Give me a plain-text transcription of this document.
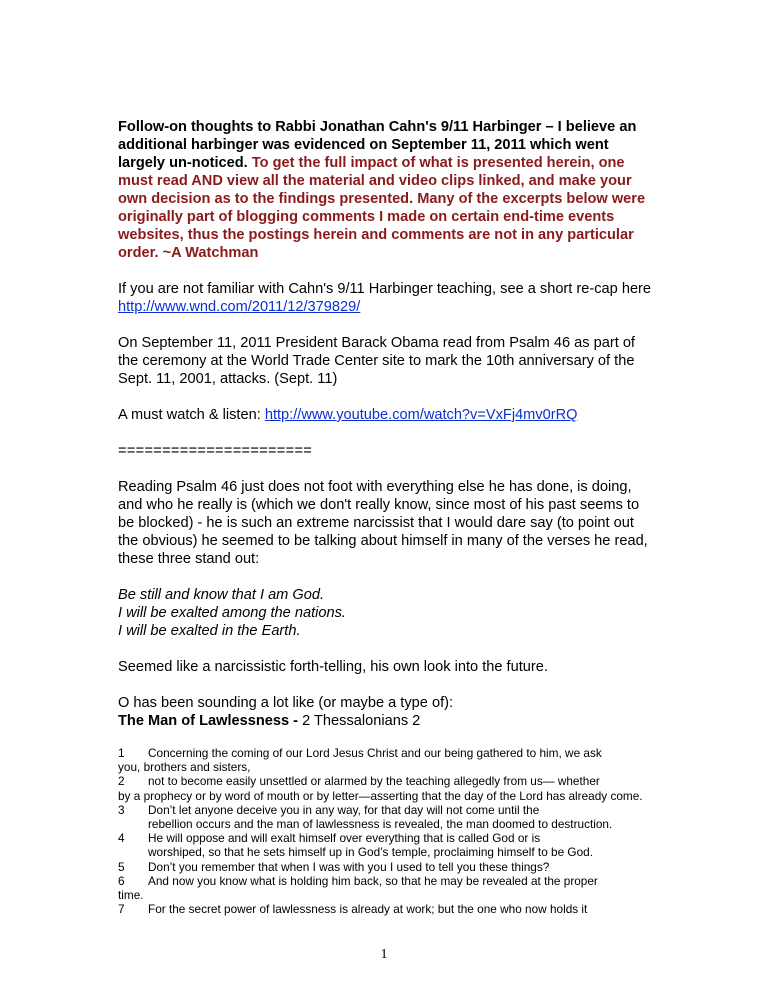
Follow-on thoughts to Rabbi Jonathan Cahn's 9/11 Harbinger – I believe an additional harbinger was evidenced on September 11, 2011 which went largely un-noticed. To get the full impact of what is presented herein, one must read AND view all the material and video clips linked, and make your own decision as to the findings presented. Many of the excerpts below were originally part of blogging comments I made on certain end-time events websites, thus the postings herein and comments are not in any particular order. ~A Watchman

If you are not familiar with Cahn's 9/11 Harbinger teaching, see a short re-cap here http://www.wnd.com/2011/12/379829/

On September 11, 2011 President Barack Obama read from Psalm 46 as part of the ceremony at the World Trade Center site to mark the 10th anniversary of the Sept. 11, 2001, attacks. (Sept. 11)

A must watch & listen: http://www.youtube.com/watch?v=VxFj4mv0rRQ

======================

Reading Psalm 46 just does not foot with everything else he has done, is doing, and who he really is (which we don't really know, since most of his past seems to be blocked) - he is such an extreme narcissist that I would dare say (to point out the obvious) he seemed to be talking about himself in many of the verses he read, these three stand out:

Be still and know that I am God.
I will be exalted among the nations.
I will be exalted in the Earth.

Seemed like a narcissistic forth-telling, his own look into the future.

O has been sounding a lot like (or maybe a type of):

The Man of Lawlessness - 2 Thessalonians 2

1	Concerning the coming of our Lord Jesus Christ and our being gathered to him, we ask
you, brothers and sisters,
2	not to become easily unsettled or alarmed by the teaching allegedly from us— whether
by a prophecy or by word of mouth or by letter—asserting that the day of the Lord has already come.
3	Don’t let anyone deceive you in any way, for that day will not come until the
rebellion occurs and the man of lawlessness is revealed, the man doomed to destruction.
4	He will oppose and will exalt himself over everything that is called God or is
worshiped, so that he sets himself up in God’s temple, proclaiming himself to be God.
5	Don’t you remember that when I was with you I used to tell you these things?
6	And now you know what is holding him back, so that he may be revealed at the proper
time.
7	For the secret power of lawlessness is already at work; but the one who now holds it
1
